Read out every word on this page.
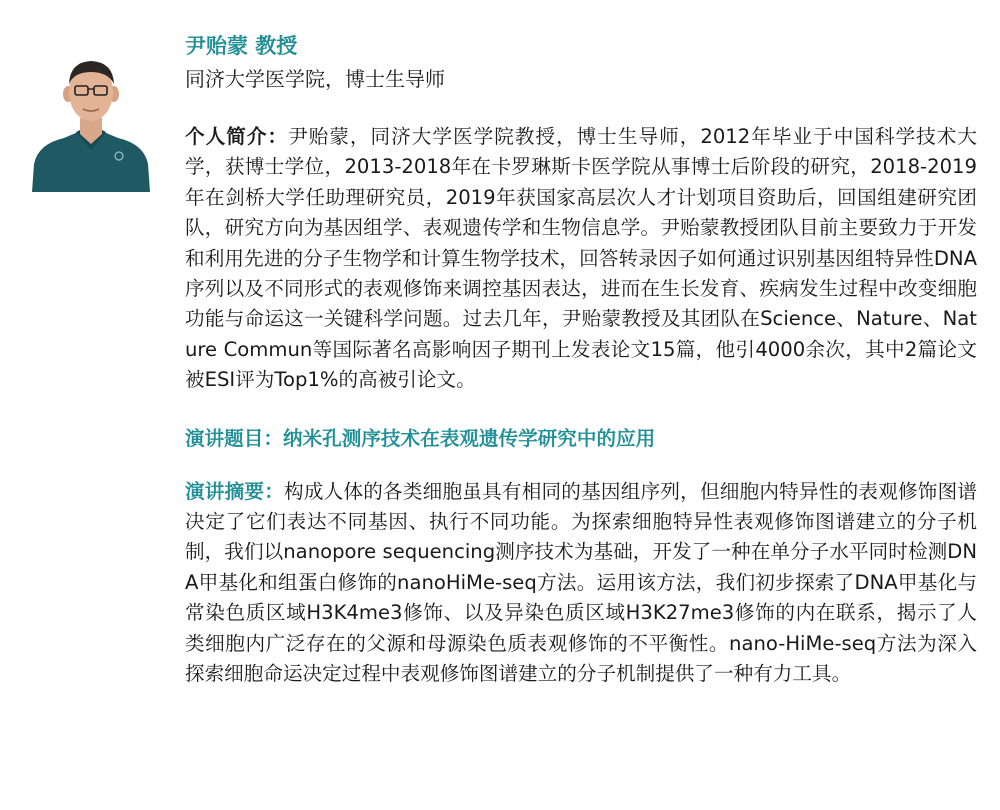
尹贻蒙 教授
同济大学医学院，博士生导师
个人简介：尹贻蒙，同济大学医学院教授，博士生导师，2012年毕业于中国科学技术大学，获博士学位，2013-2018年在卡罗琳斯卡医学院从事博士后阶段的研究，2018-2019年在剑桥大学任助理研究员，2019年获国家高层次人才计划项目资助后，回国组建研究团队，研究方向为基因组学、表观遗传学和生物信息学。尹贻蒙教授团队目前主要致力于开发和利用先进的分子生物学和计算生物学技术，回答转录因子如何通过识别基因组特异性DNA序列以及不同形式的表观修饰来调控基因表达，进而在生长发育、疾病发生过程中改变细胞功能与命运这一关键科学问题。过去几年，尹贻蒙教授及其团队在Science、Nature、Nature Commun等国际著名高影响因子期刊上发表论文15篇，他引4000余次，其中2篇论文被ESI评为Top1%的高被引论文。
演讲题目：纳米孔测序技术在表观遗传学研究中的应用
演讲摘要：构成人体的各类细胞虽具有相同的基因组序列，但细胞内特异性的表观修饰图谱决定了它们表达不同基因、执行不同功能。为探索细胞特异性表观修饰图谱建立的分子机制，我们以nanopore sequencing测序技术为基础，开发了一种在单分子水平同时检测DNA甲基化和组蛋白修饰的nanoHiMe-seq方法。运用该方法，我们初步探索了DNA甲基化与常染色质区域H3K4me3修饰、以及异染色质区域H3K27me3修饰的内在联系，揭示了人类细胞内广泛存在的父源和母源染色质表观修饰的不平衡性。nano-HiMe-seq方法为深入探索细胞命运决定过程中表观修饰图谱建立的分子机制提供了一种有力工具。
